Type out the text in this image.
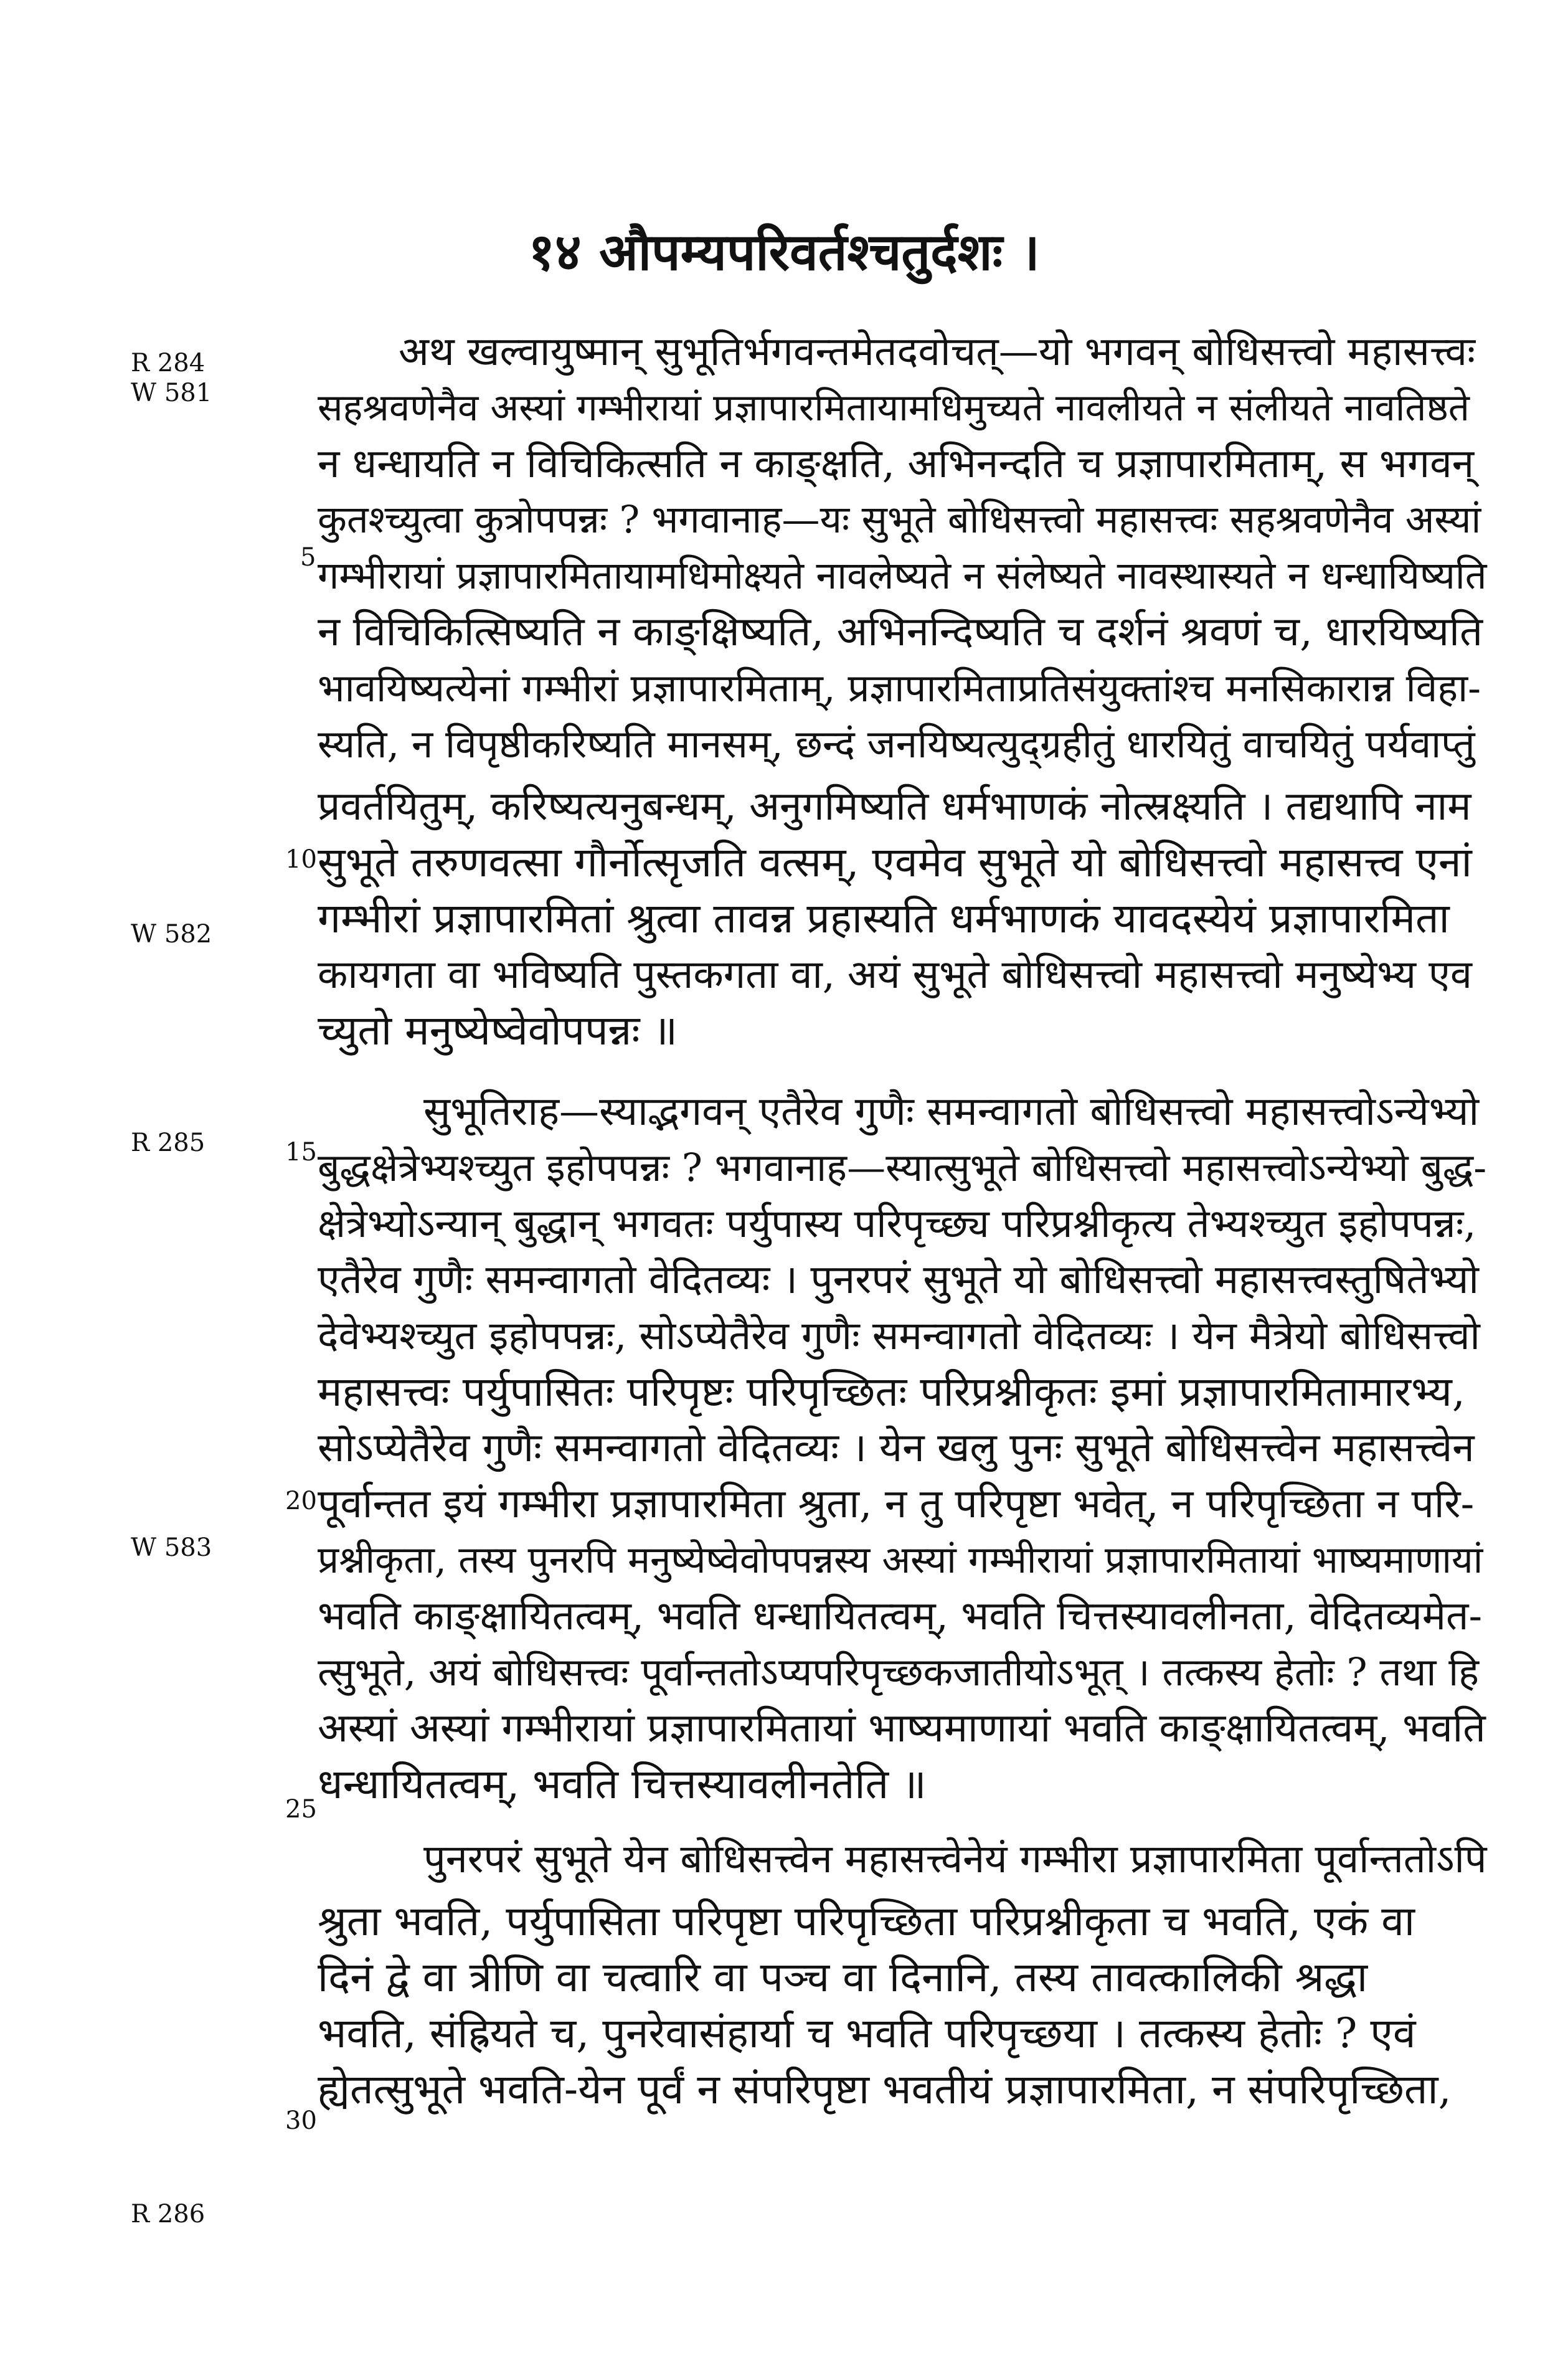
१४ औपम्यपरिवर्तश्चतुर्दशः ।
R 284
W 581
W 582
R 285
W 583
R 286
5
10
15
20
25
30
अथ खल्वायुष्मान् सुभूतिर्भगवन्तमेतदवोचत्—यो भगवन् बोधिसत्त्वो महासत्त्वः
सहश्रवणेनैव अस्यां गम्भीरायां प्रज्ञापारमितायामधिमुच्यते नावलीयते न संलीयते नावतिष्ठते
न धन्धायति न विचिकित्सति न काङ्क्षति, अभिनन्दति च प्रज्ञापारमिताम्, स भगवन्
कुतश्च्युत्वा कुत्रोपपन्नः ? भगवानाह—यः सुभूते बोधिसत्त्वो महासत्त्वः सहश्रवणेनैव अस्यां
गम्भीरायां प्रज्ञापारमितायामधिमोक्ष्यते नावलेष्यते न संलेष्यते नावस्थास्यते न धन्धायिष्यति
न विचिकित्सिष्यति न काङ्क्षिष्यति, अभिनन्दिष्यति च दर्शनं श्रवणं च, धारयिष्यति
भावयिष्यत्येनां गम्भीरां प्रज्ञापारमिताम्, प्रज्ञापारमिताप्रतिसंयुक्तांश्च मनसिकारान्न विहा-
स्यति, न विपृष्ठीकरिष्यति मानसम्, छन्दं जनयिष्यत्युद्ग्रहीतुं धारयितुं वाचयितुं पर्यवाप्तुं
प्रवर्तयितुम्, करिष्यत्यनुबन्धम्, अनुगमिष्यति धर्मभाणकं नोत्स्रक्ष्यति । तद्यथापि नाम
सुभूते तरुणवत्सा गौर्नोत्सृजति वत्सम्, एवमेव सुभूते यो बोधिसत्त्वो महासत्त्व एनां
गम्भीरां प्रज्ञापारमितां श्रुत्वा तावन्न प्रहास्यति धर्मभाणकं यावदस्येयं प्रज्ञापारमिता
कायगता वा भविष्यति पुस्तकगता वा, अयं सुभूते बोधिसत्त्वो महासत्त्वो मनुष्येभ्य एव
च्युतो मनुष्येष्वेवोपपन्नः ॥
सुभूतिराह—स्याद्भगवन् एतैरेव गुणैः समन्वागतो बोधिसत्त्वो महासत्त्वोऽन्येभ्यो
बुद्धक्षेत्रेभ्यश्च्युत इहोपपन्नः ? भगवानाह—स्यात्सुभूते बोधिसत्त्वो महासत्त्वोऽन्येभ्यो बुद्ध-
क्षेत्रेभ्योऽन्यान् बुद्धान् भगवतः पर्युपास्य परिपृच्छ्य परिप्रश्नीकृत्य तेभ्यश्च्युत इहोपपन्नः,
एतैरेव गुणैः समन्वागतो वेदितव्यः । पुनरपरं सुभूते यो बोधिसत्त्वो महासत्त्वस्तुषितेभ्यो
देवेभ्यश्च्युत इहोपपन्नः, सोऽप्येतैरेव गुणैः समन्वागतो वेदितव्यः । येन मैत्रेयो बोधिसत्त्वो
महासत्त्वः पर्युपासितः परिपृष्टः परिपृच्छितः परिप्रश्नीकृतः इमां प्रज्ञापारमितामारभ्य,
सोऽप्येतैरेव गुणैः समन्वागतो वेदितव्यः । येन खलु पुनः सुभूते बोधिसत्त्वेन महासत्त्वेन
पूर्वान्तत इयं गम्भीरा प्रज्ञापारमिता श्रुता, न तु परिपृष्टा भवेत्, न परिपृच्छिता न परि-
प्रश्नीकृता, तस्य पुनरपि मनुष्येष्वेवोपपन्नस्य अस्यां गम्भीरायां प्रज्ञापारमितायां भाष्यमाणायां
भवति काङ्क्षायितत्वम्, भवति धन्धायितत्वम्, भवति चित्तस्यावलीनता, वेदितव्यमेत-
त्सुभूते, अयं बोधिसत्त्वः पूर्वान्ततोऽप्यपरिपृच्छकजातीयोऽभूत् । तत्कस्य हेतोः ? तथा हि
अस्यां अस्यां गम्भीरायां प्रज्ञापारमितायां भाष्यमाणायां भवति काङ्क्षायितत्वम्, भवति
धन्धायितत्वम्, भवति चित्तस्यावलीनतेति ॥
पुनरपरं सुभूते येन बोधिसत्त्वेन महासत्त्वेनेयं गम्भीरा प्रज्ञापारमिता पूर्वान्ततोऽपि
श्रुता भवति, पर्युपासिता परिपृष्टा परिपृच्छिता परिप्रश्नीकृता च भवति, एकं वा
दिनं द्वे वा त्रीणि वा चत्वारि वा पञ्च वा दिनानि, तस्य तावत्कालिकी श्रद्धा
भवति, संह्रियते च, पुनरेवासंहार्या च भवति परिपृच्छया । तत्कस्य हेतोः ? एवं
ह्येतत्सुभूते भवति-येन पूर्वं न संपरिपृष्टा भवतीयं प्रज्ञापारमिता, न संपरिपृच्छिता,
